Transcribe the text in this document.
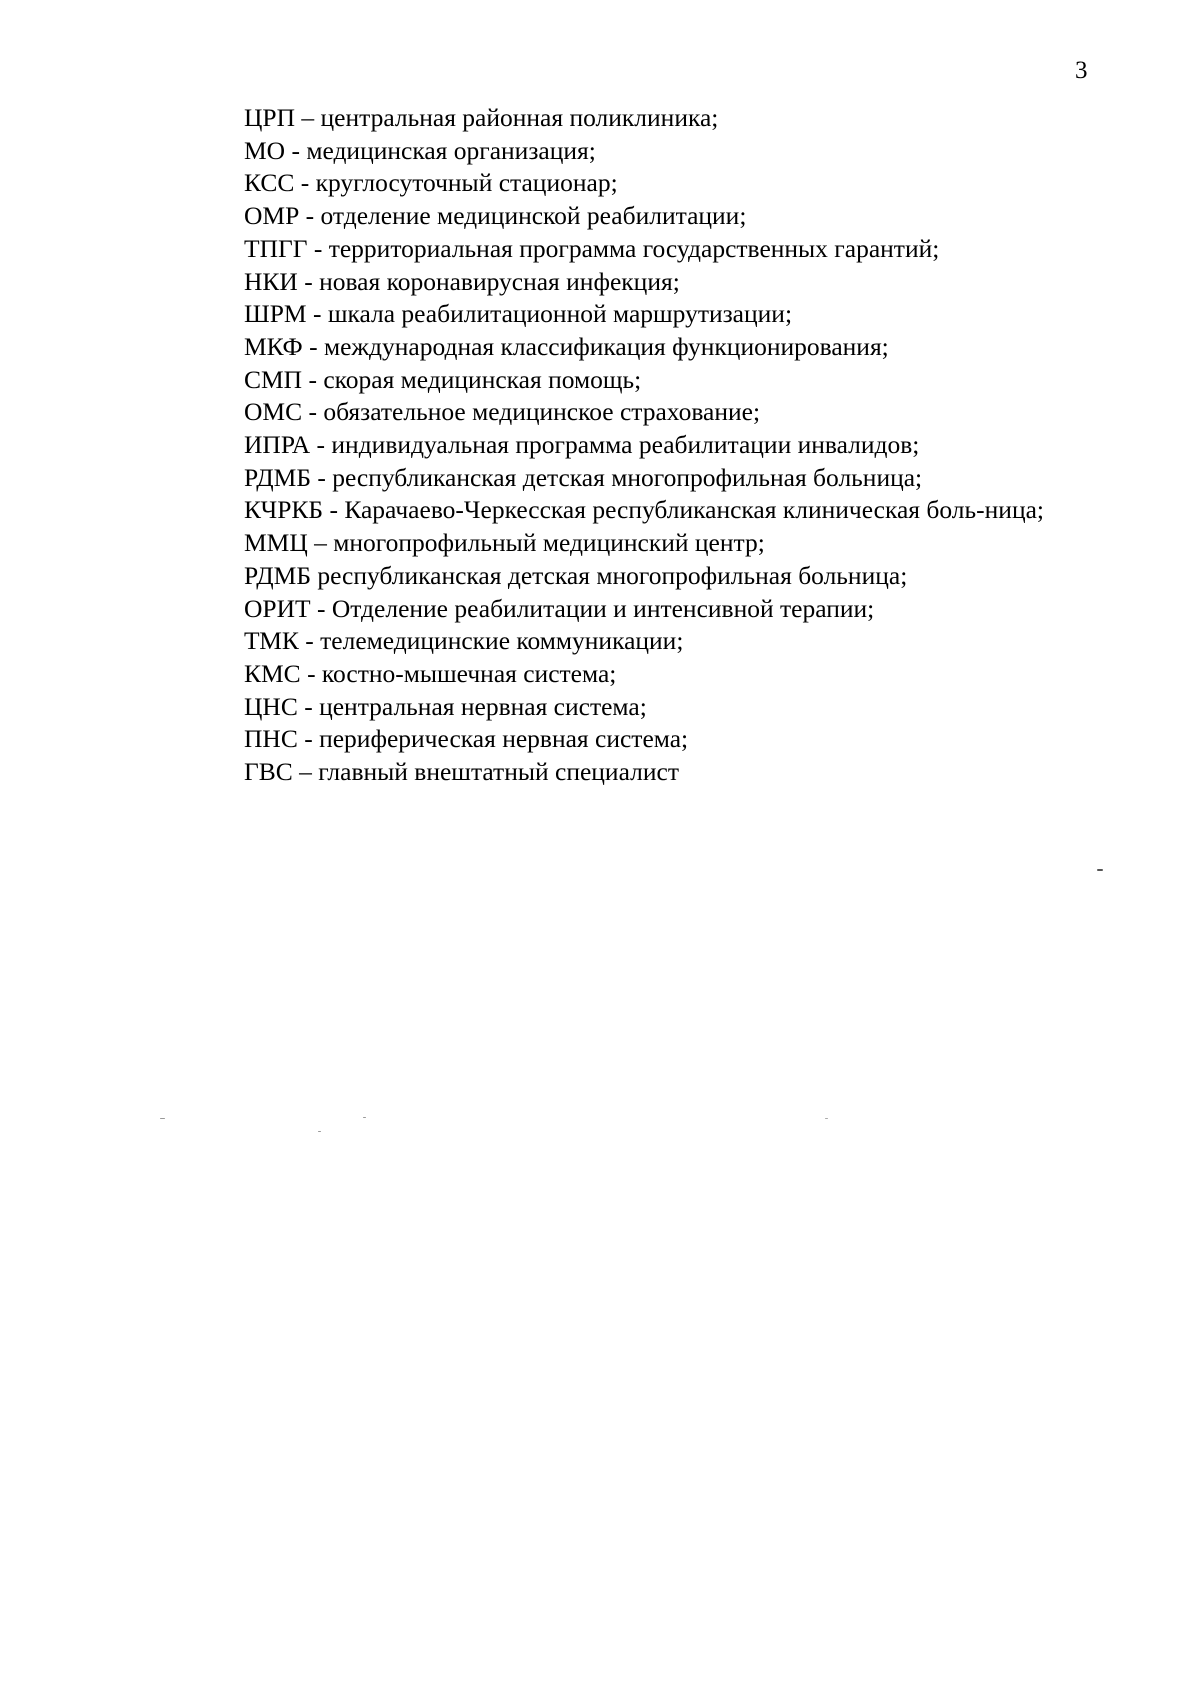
3
ЦРП – центральная районная поликлиника;
МО - медицинская организация;
КСС - круглосуточный стационар;
ОМР - отделение медицинской реабилитации;
ТПГГ - территориальная программа государственных гарантий;
НКИ - новая коронавирусная инфекция;
ШРМ - шкала реабилитационной маршрутизации;
МКФ - международная классификация функционирования;
СМП - скорая медицинская помощь;
ОМС - обязательное медицинское страхование;
ИПРА - индивидуальная программа реабилитации инвалидов;
РДМБ - республиканская детская многопрофильная больница;
КЧРКБ - Карачаево-Черкесская республиканская клиническая боль-ница;
ММЦ – многопрофильный медицинский центр;
РДМБ республиканская детская многопрофильная больница;
ОРИТ - Отделение реабилитации и интенсивной терапии;
ТМК - телемедицинские коммуникации;
КМС - костно-мышечная система;
ЦНС - центральная нервная система;
ПНС - периферическая нервная система;
ГВС – главный внештатный специалист
